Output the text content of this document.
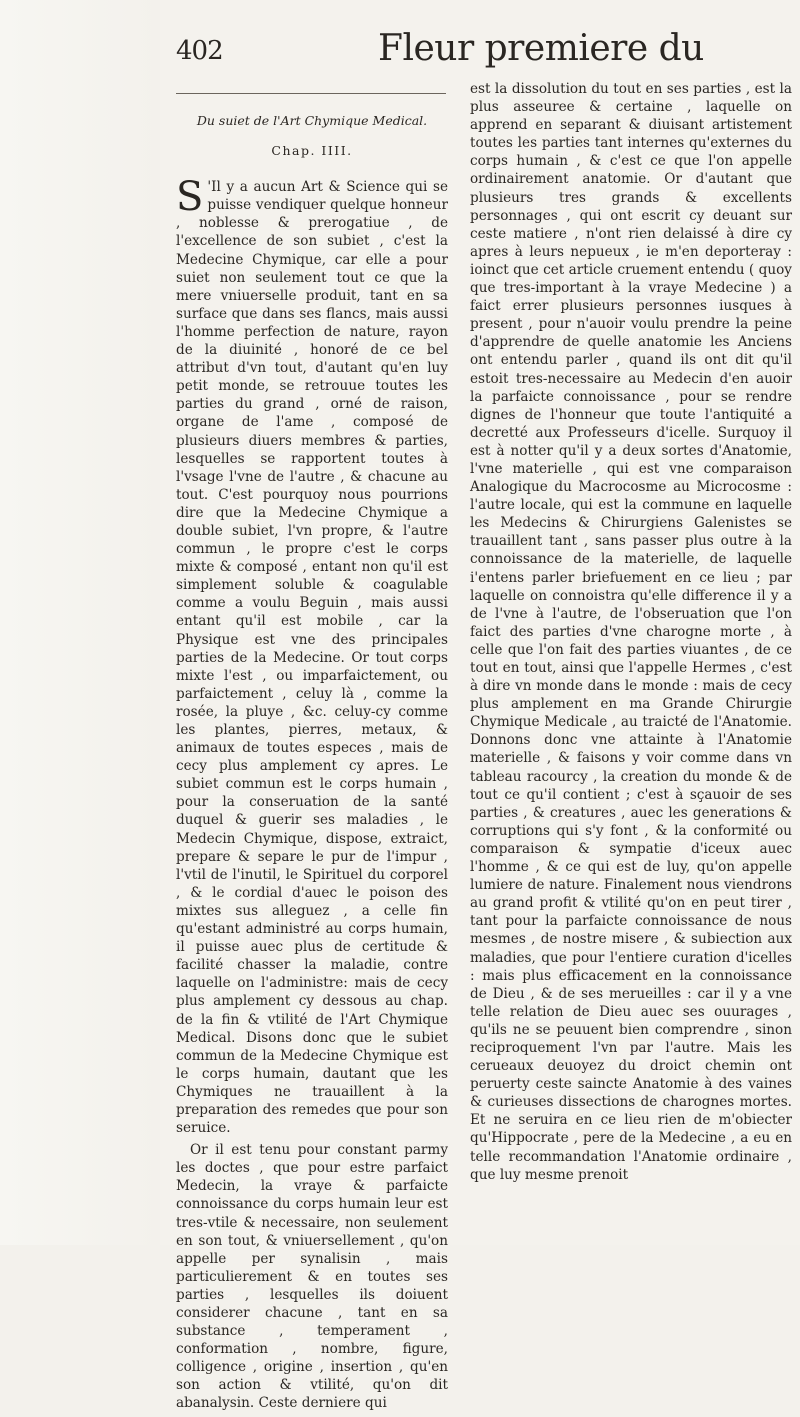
402	Fleur premiere du
Du suiet de l'Art Chymique Medical.
Chap. IIII.

S 'Il y a aucun Art & Science qui se puisse vendiquer quelque honneur , noblesse & prerogatiue , de l'excellence de son subiet , c'est la Medecine Chymique, car elle a pour suiet non seulement tout ce que la mere vniuerselle produit, tant en sa surface que dans ses flancs, mais aussi l'homme perfection de nature, rayon de la diuinité , honoré de ce bel attribut d'vn tout, d'autant qu'en luy petit monde, se retrouue toutes les parties du grand , orné de raison, organe de l'ame , composé de plusieurs diuers membres & parties, lesquelles se rapportent toutes à l'vsage l'vne de l'autre , & chacune au tout. C'est pourquoy nous pourrions dire que la Medecine Chymique a double subiet, l'vn propre, & l'autre commun , le propre c'est le corps mixte & composé , entant non qu'il est simplement soluble & coagulable comme a voulu Beguin , mais aussi entant qu'il est mobile , car la Physique est vne des principales parties de la Medecine. Or tout corps mixte l'est , ou imparfaictement, ou parfaictement , celuy là , comme la rosée, la pluye , &c. celuy-cy comme les plantes, pierres, metaux, & animaux de toutes especes , mais de cecy plus amplement cy apres. Le subiet commun est le corps humain , pour la conseruation de la santé duquel & guerir ses maladies , le Medecin Chymique, dispose, extraict, prepare & separe le pur de l'impur , l'vtil de l'inutil, le Spirituel du corporel , & le cordial d'auec le poison des mixtes sus alleguez , a celle fin qu'estant administré au corps humain, il puisse auec plus de certitude & facilité chasser la maladie, contre laquelle on l'administre: mais de cecy plus amplement cy dessous au chap. de la fin & vtilité de l'Art Chymique Medical. Disons donc que le subiet commun de la Medecine Chymique est le corps humain, dautant que les Chymiques ne trauaillent à la preparation des remedes que pour son seruice.

Or il est tenu pour constant parmy les doctes , que pour estre parfaict Medecin, la vraye & parfaicte connoissance du corps humain leur est tres-vtile & necessaire, non seulement en son tout, & vniuersellement , qu'on appelle per synalisin , mais particulierement & en toutes ses parties , lesquelles ils doiuent considerer chacune , tant en sa substance , temperament , conformation , nombre, figure, colligence , origine , insertion , qu'en son action & vtilité, qu'on dit abanalysin. Ceste derniere qui

est la dissolution du tout en ses parties , est la plus asseuree & certaine , laquelle on apprend en separant & diuisant artistement toutes les parties tant internes qu'externes du corps humain , & c'est ce que l'on appelle ordinairement anatomie. Or d'autant que plusieurs tres grands & excellents personnages , qui ont escrit cy deuant sur ceste matiere , n'ont rien delaissé à dire cy apres à leurs nepueux , ie m'en deporteray : ioinct que cet article cruement entendu ( quoy que tres-important à la vraye Medecine ) a faict errer plusieurs personnes iusques à present , pour n'auoir voulu prendre la peine d'apprendre de quelle anatomie les Anciens ont entendu parler , quand ils ont dit qu'il estoit tres-necessaire au Medecin d'en auoir la parfaicte connoissance , pour se rendre dignes de l'honneur que toute l'antiquité a decretté aux Professeurs d'icelle. Surquoy il est à notter qu'il y a deux sortes d'Anatomie, l'vne materielle , qui est vne comparaison Analogique du Macrocosme au Microcosme : l'autre locale, qui est la commune en laquelle les Medecins & Chirurgiens Galenistes se trauaillent tant , sans passer plus outre à la connoissance de la materielle, de laquelle i'entens parler briefuement en ce lieu ; par laquelle on connoistra qu'elle difference il y a de l'vne à l'autre, de l'obseruation que l'on faict des parties d'vne charogne morte , à celle que l'on fait des parties viuantes , de ce tout en tout, ainsi que l'appelle Hermes , c'est à dire vn monde dans le monde : mais de cecy plus amplement en ma Grande Chirurgie Chymique Medicale , au traicté de l'Anatomie. Donnons donc vne attainte à l'Anatomie materielle , & faisons y voir comme dans vn tableau racourcy , la creation du monde & de tout ce qu'il contient ; c'est à sçauoir de ses parties , & creatures , auec les generations & corruptions qui s'y font , & la conformité ou comparaison & sympatie d'iceux auec l'homme , & ce qui est de luy, qu'on appelle lumiere de nature. Finalement nous viendrons au grand profit & vtilité qu'on en peut tirer , tant pour la parfaicte connoissance de nous mesmes , de nostre misere , & subiection aux maladies, que pour l'entiere curation d'icelles : mais plus efficacement en la connoissance de Dieu , & de ses merueilles : car il y a vne telle relation de Dieu auec ses ouurages , qu'ils ne se peuuent bien comprendre , sinon reciproquement l'vn par l'autre. Mais les cerueaux deuoyez du droict chemin ont peruerty ceste saincte Anatomie à des vaines & curieuses dissections de charognes mortes. Et ne seruira en ce lieu rien de m'obiecter qu'Hippocrate , pere de la Medecine , a eu en telle recommandation l'Anatomie ordinaire , que luy mesme prenoit
